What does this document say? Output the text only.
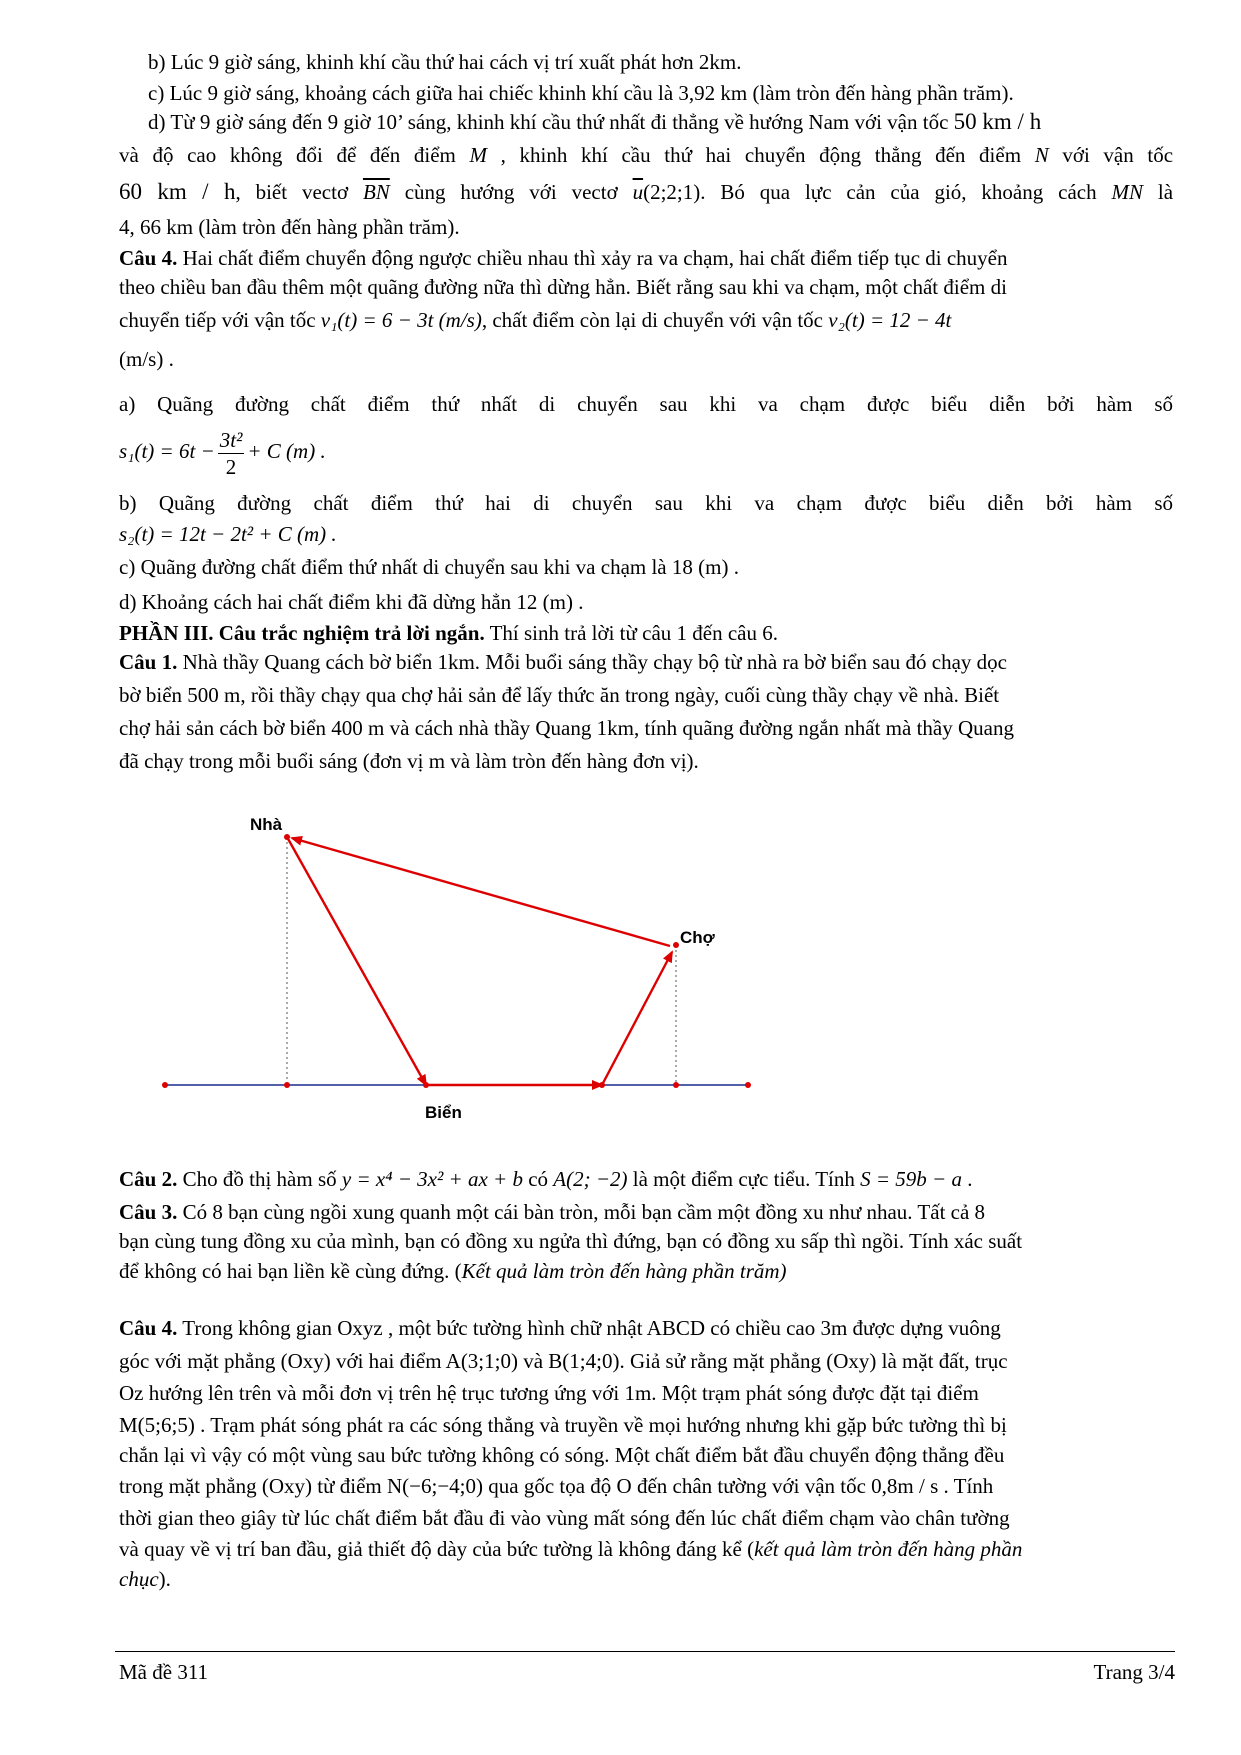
b) Lúc 9 giờ sáng, khinh khí cầu thứ hai cách vị trí xuất phát hơn 2km.
c) Lúc 9 giờ sáng, khoảng cách giữa hai chiếc khinh khí cầu là 3,92 km (làm tròn đến hàng phần trăm).
d) Từ 9 giờ sáng đến 9 giờ 10’ sáng, khinh khí cầu thứ nhất đi thẳng về hướng Nam với vận tốc 50 km / h
và độ cao không đổi để đến điểm M , khinh khí cầu thứ hai chuyển động thẳng đến điểm N với vận tốc
60 km / h, biết vectơ $\overline{BN}$ cùng hướng với vectơ $\overline{u}(2;2;1)$. Bó qua lực cản của gió, khoảng cách MN là
4, 66 km (làm tròn đến hàng phần trăm).
Câu 4. Hai chất điểm chuyển động ngược chiều nhau thì xảy ra va chạm, hai chất điểm tiếp tục di chuyển
theo chiều ban đầu thêm một quãng đường nữa thì dừng hẳn. Biết rằng sau khi va chạm, một chất điểm di
chuyển tiếp với vận tốc v₁(t) = 6 − 3t (m/s), chất điểm còn lại di chuyển với vận tốc v₂(t) = 12 − 4t
(m/s) .
a) Quãng đường chất điểm thứ nhất di chuyển sau khi va chạm được biểu diễn bởi hàm số
$s_1(t) = 6t - \frac{\text{3t²}}{2} + C$ (m) .
b) Quãng đường chất điểm thứ hai di chuyển sau khi va chạm được biểu diễn bởi hàm số
s₂(t) = 12t − 2t² + C (m) .
c) Quãng đường chất điểm thứ nhất di chuyển sau khi va chạm là 18 (m) .
d) Khoảng cách hai chất điểm khi đã dừng hẳn 12 (m) .
PHẦN III. Câu trắc nghiệm trả lời ngắn. Thí sinh trả lời từ câu 1 đến câu 6.
Câu 1. Nhà thầy Quang cách bờ biển 1km. Mỗi buổi sáng thầy chạy bộ từ nhà ra bờ biển sau đó chạy dọc
bờ biển 500 m, rồi thầy chạy qua chợ hải sản để lấy thức ăn trong ngày, cuối cùng thầy chạy về nhà. Biết
chợ hải sản cách bờ biển 400 m và cách nhà thầy Quang 1km, tính quãng đường ngắn nhất mà thầy Quang
đã chạy trong mỗi buổi sáng (đơn vị m và làm tròn đến hàng đơn vị).
Nhà
Chợ
Biển
Câu 2. Cho đồ thị hàm số y = x⁴ − 3x² + ax + b có A(2; −2) là một điểm cực tiểu. Tính S = 59b − a .
Câu 3. Có 8 bạn cùng ngồi xung quanh một cái bàn tròn, mỗi bạn cầm một đồng xu như nhau. Tất cả 8
bạn cùng tung đồng xu của mình, bạn có đồng xu ngửa thì đứng, bạn có đồng xu sấp thì ngồi. Tính xác suất
để không có hai bạn liền kề cùng đứng. (Kết quả làm tròn đến hàng phần trăm)
Câu 4. Trong không gian Oxyz , một bức tường hình chữ nhật ABCD có chiều cao 3m được dựng vuông
góc với mặt phẳng (Oxy) với hai điểm A(3;1;0) và B(1;4;0). Giả sử rằng mặt phẳng (Oxy) là mặt đất, trục
Oz hướng lên trên và mỗi đơn vị trên hệ trục tương ứng với 1m. Một trạm phát sóng được đặt tại điểm
M(5;6;5) . Trạm phát sóng phát ra các sóng thẳng và truyền về mọi hướng nhưng khi gặp bức tường thì bị
chắn lại vì vậy có một vùng sau bức tường không có sóng. Một chất điểm bắt đầu chuyển động thẳng đều
trong mặt phẳng (Oxy) từ điểm N(−6;−4;0) qua gốc tọa độ O đến chân tường với vận tốc 0,8m / s . Tính
thời gian theo giây từ lúc chất điểm bắt đầu đi vào vùng mất sóng đến lúc chất điểm chạm vào chân tường
và quay về vị trí ban đầu, giả thiết độ dày của bức tường là không đáng kể (kết quả làm tròn đến hàng phần
chục).
Mã đề 311	Trang 3/4
